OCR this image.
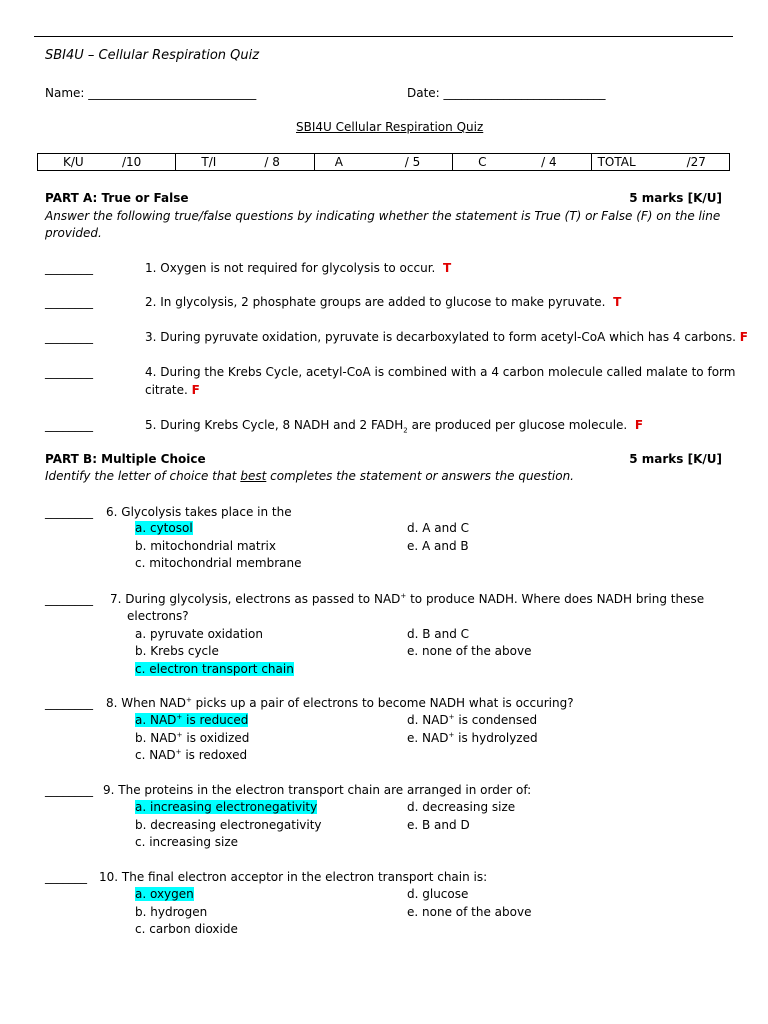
SBI4U – Cellular Respiration Quiz
Name: ____________________________	Date: ___________________________
SBI4U Cellular Respiration Quiz
K/U	/10	T/I	/ 8	A	/ 5	C	/ 4	TOTAL	/27
PART A: True or False	5 marks [K/U]
Answer the following true/false questions by indicating whether the statement is True (T) or False (F) on the line
provided.
________	1. Oxygen is not required for glycolysis to occur. T
________	2. In glycolysis, 2 phosphate groups are added to glucose to make pyruvate. T
________	3. During pyruvate oxidation, pyruvate is decarboxylated to form acetyl-CoA which has 4 carbons. F
________	4. During the Krebs Cycle, acetyl-CoA is combined with a 4 carbon molecule called malate to form
citrate. F
________	5. During Krebs Cycle, 8 NADH and 2 $FADH_2$ are produced per glucose molecule. F
PART B: Multiple Choice	5 marks [K/U]
Identify the letter of choice that best completes the statement or answers the question.
________ 6. Glycolysis takes place in the
a. cytosol
b. mitochondrial matrix
c. mitochondrial membrane
d. A and C
e. A and B
________ 7. During glycolysis, electrons as passed to NAD+ to produce NADH. Where does NADH bring these
electrons?
a. pyruvate oxidation
b. Krebs cycle
c. electron transport chain
d. B and C
e. none of the above
________ 8. When NAD+ picks up a pair of electrons to become NADH what is occuring?
a. NAD+ is reduced
b. NAD+ is oxidized
c. NAD+ is redoxed
d. NAD+ is condensed
e. NAD+ is hydrolyzed
________ 9. The proteins in the electron transport chain are arranged in order of:
a. increasing electronegativity
b. decreasing electronegativity
c. increasing size
d. decreasing size
e. B and D
_______ 10. The final electron acceptor in the electron transport chain is:
a. oxygen
b. hydrogen
c. carbon dioxide
d. glucose
e. none of the above
